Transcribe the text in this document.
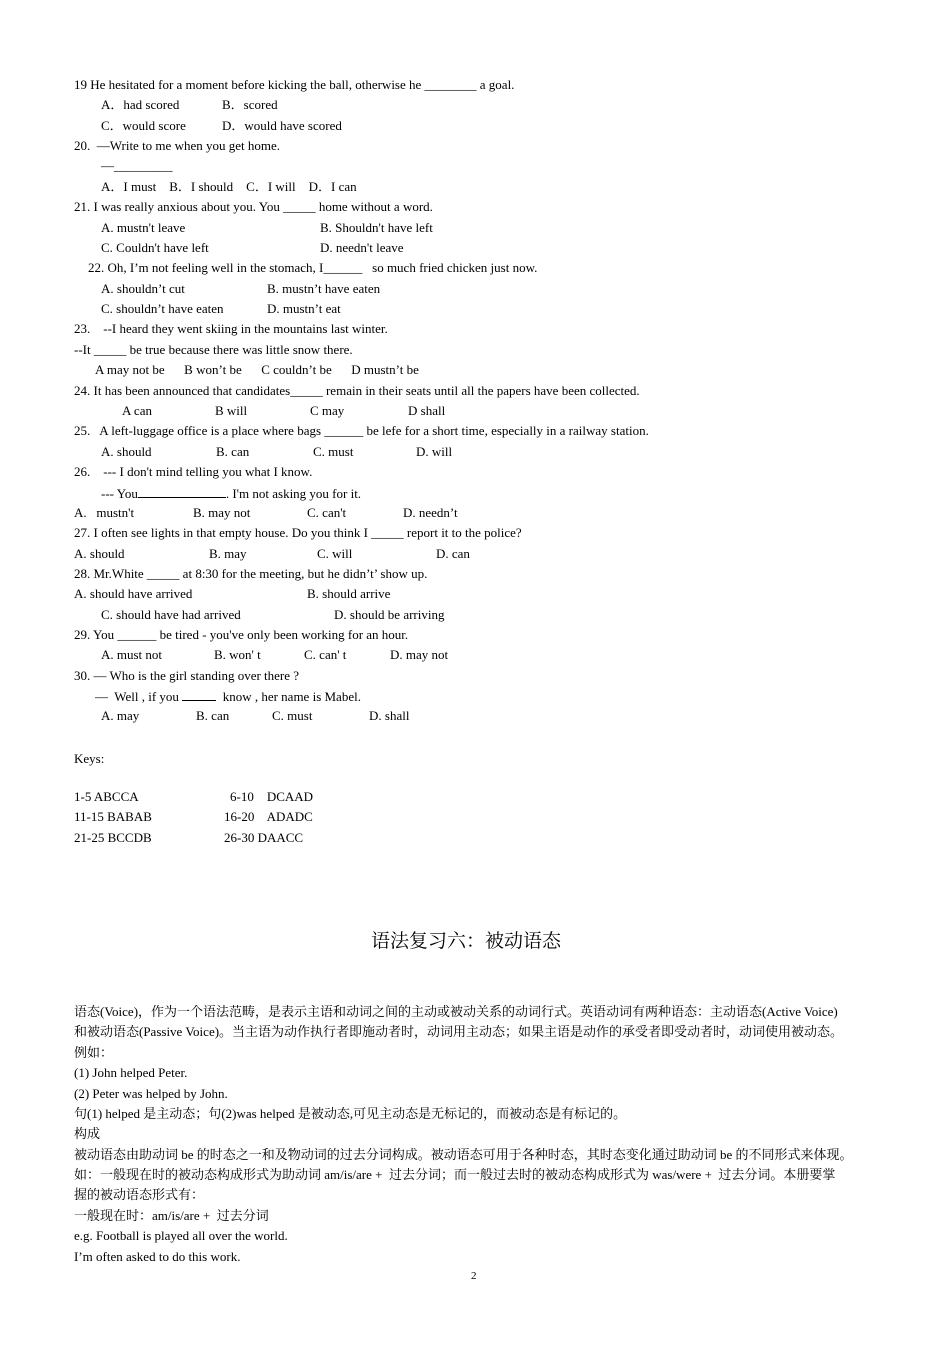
19 He hesitated for a moment before kicking the ball, otherwise he ________ a goal.
A．had scored	B．scored
C．would score	D．would have scored
20.  —Write to me when you get home.
—_________
A．I must    B．I should    C．I will    D．I can
21. I was really anxious about you. You _____ home without a word.
A. mustn't leave	B. Shouldn't have left
C. Couldn't have left	D. needn't leave
22. Oh, I’m not feeling well in the stomach, I______   so much fried chicken just now.
A. shouldn’t cut	B. mustn’t have eaten
C. shouldn’t have eaten	D. mustn’t eat
23.    --I heard they went skiing in the mountains last winter.
--It _____ be true because there was little snow there.
A may not be      B won’t be      C couldn’t be      D mustn’t be
24. It has been announced that candidates_____ remain in their seats until all the papers have been collected.
A can	B will	C may	D shall
25.   A left-luggage office is a place where bags ______ be lefe for a short time, especially in a railway station.
A. should	B. can	C. must	D. will
26.    --- I don't mind telling you what I know.
--- You	. I'm not asking you for it.
A.   mustn't	B. may not	C. can't	D. needn’t
27. I often see lights in that empty house. Do you think I _____ report it to the police?
A. should	B. may	C. will	D. can
28. Mr.White _____ at 8:30 for the meeting, but he didn’t’ show up.
A. should have arrived	B. should arrive
C. should have had arrived	D. should be arriving
29. You ______ be tired - you've only been working for an hour.
A. must not	B. won' t	C. can' t	D. may not
30. — Who is the girl standing over there ?
—  Well , if you	know , her name is Mabel.
A. may	B. can	C. must	D. shall
Keys:
1-5 ABCCA	6-10    DCAAD
11-15 BABAB	16-20    ADADC
21-25 BCCDB	26-30 DAACC
语法复习六：被动语态
语态(Voice)，作为一个语法范畴，是表示主语和动词之间的主动或被动关系的动词行式。英语动词有两种语态：主动语态(Active Voice)
和被动语态(Passive Voice)。当主语为动作执行者即施动者时，动词用主动态；如果主语是动作的承受者即受动者时，动词使用被动态。
例如：
(1) John helped Peter.
(2) Peter was helped by John.
句(1) helped 是主动态；句(2)was helped 是被动态,可见主动态是无标记的，而被动态是有标记的。
构成
被动语态由助动词 be 的时态之一和及物动词的过去分词构成。被动语态可用于各种时态，其时态变化通过助动词 be 的不同形式来体现。
如：一般现在时的被动态构成形式为助动词 am/is/are +  过去分词；而一般过去时的被动态构成形式为 was/were +  过去分词。本册要掌
握的被动语态形式有：
一般现在时：am/is/are +  过去分词
e.g. Football is played all over the world.
I’m often asked to do this work.
2
